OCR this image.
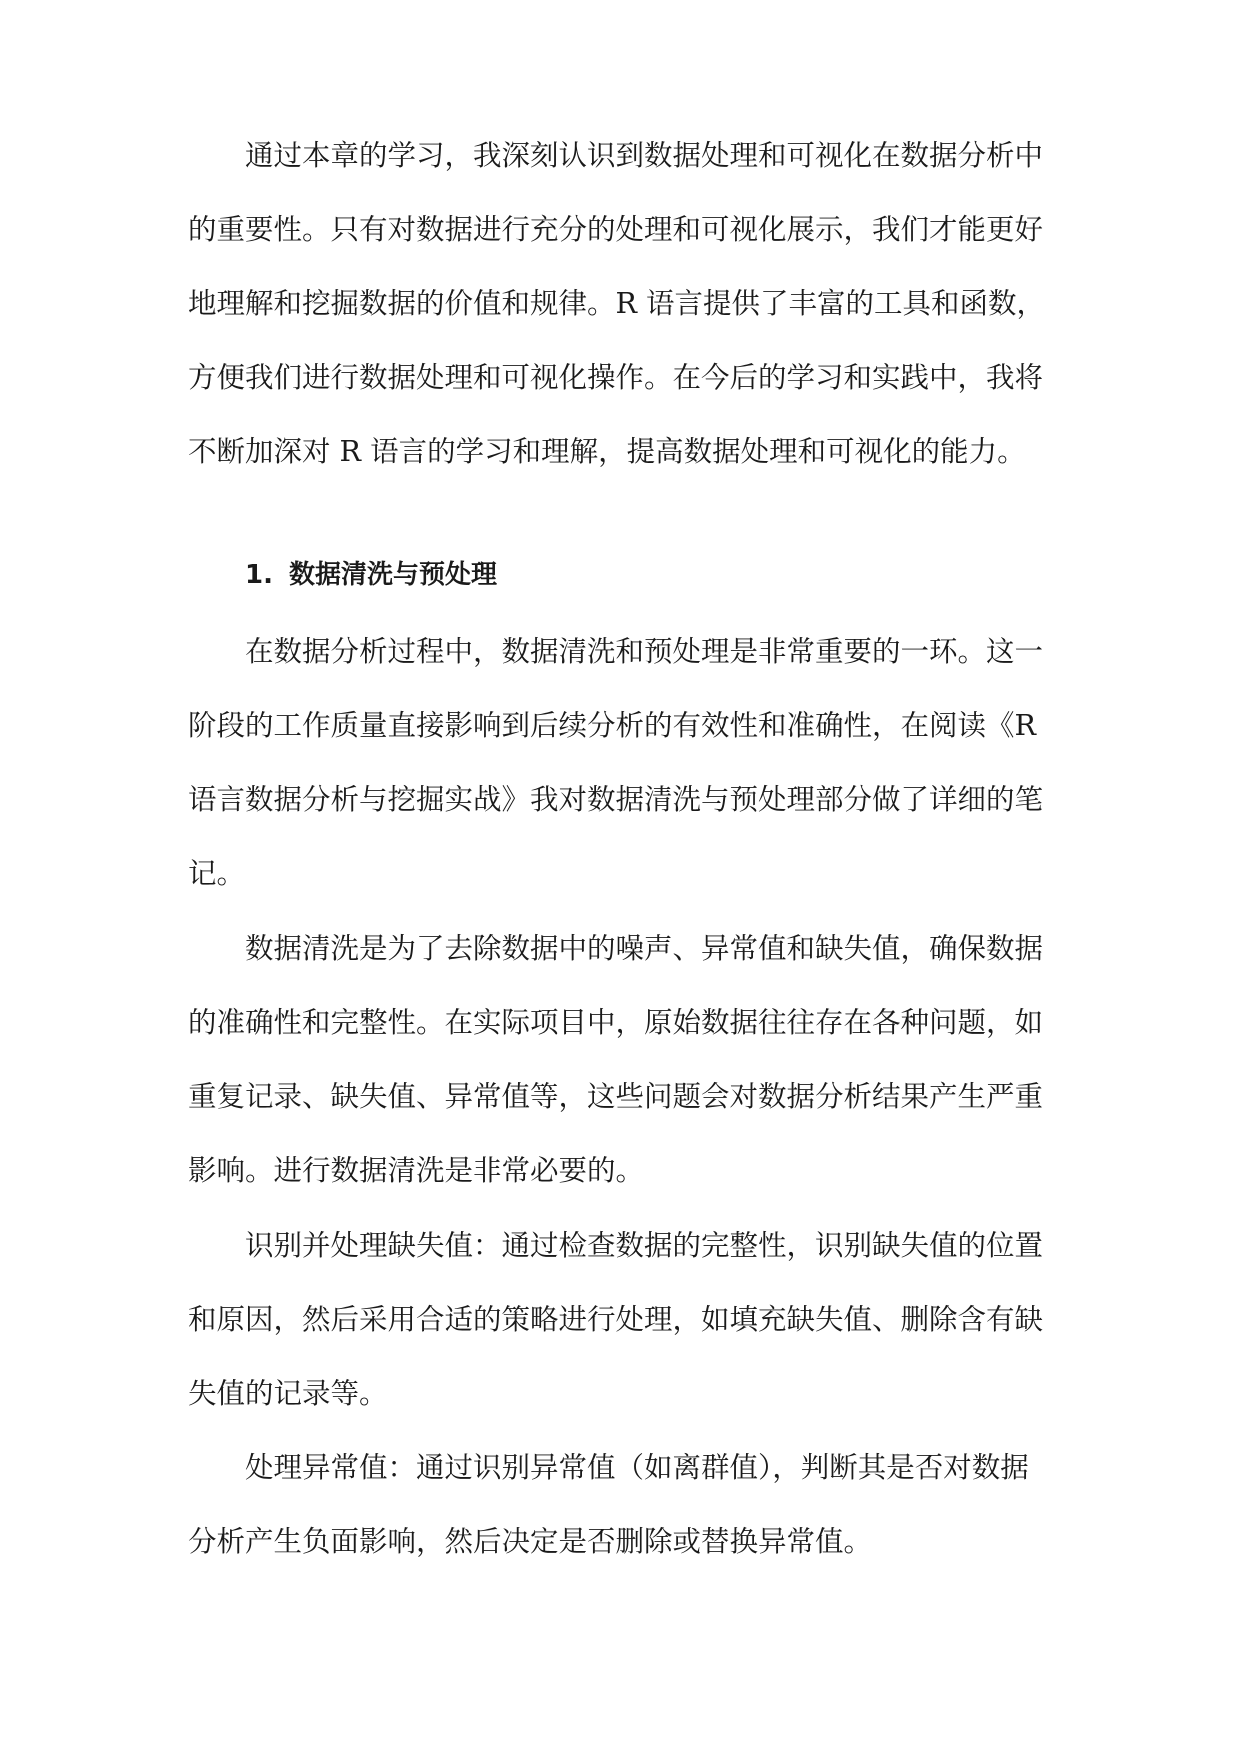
通过本章的学习，我深刻认识到数据处理和可视化在数据分析中

的重要性。只有对数据进行充分的处理和可视化展示，我们才能更好

地理解和挖掘数据的价值和规律。R 语言提供了丰富的工具和函数，

方便我们进行数据处理和可视化操作。在今后的学习和实践中，我将

不断加深对 R 语言的学习和理解，提高数据处理和可视化的能力。

1. 数据清洗与预处理

在数据分析过程中，数据清洗和预处理是非常重要的一环。这一

阶段的工作质量直接影响到后续分析的有效性和准确性，在阅读《R

语言数据分析与挖掘实战》我对数据清洗与预处理部分做了详细的笔

记。

数据清洗是为了去除数据中的噪声、异常值和缺失值，确保数据

的准确性和完整性。在实际项目中，原始数据往往存在各种问题，如

重复记录、缺失值、异常值等，这些问题会对数据分析结果产生严重

影响。进行数据清洗是非常必要的。

识别并处理缺失值：通过检查数据的完整性，识别缺失值的位置

和原因，然后采用合适的策略进行处理，如填充缺失值、删除含有缺

失值的记录等。

处理异常值：通过识别异常值（如离群值），判断其是否对数据

分析产生负面影响，然后决定是否删除或替换异常值。
